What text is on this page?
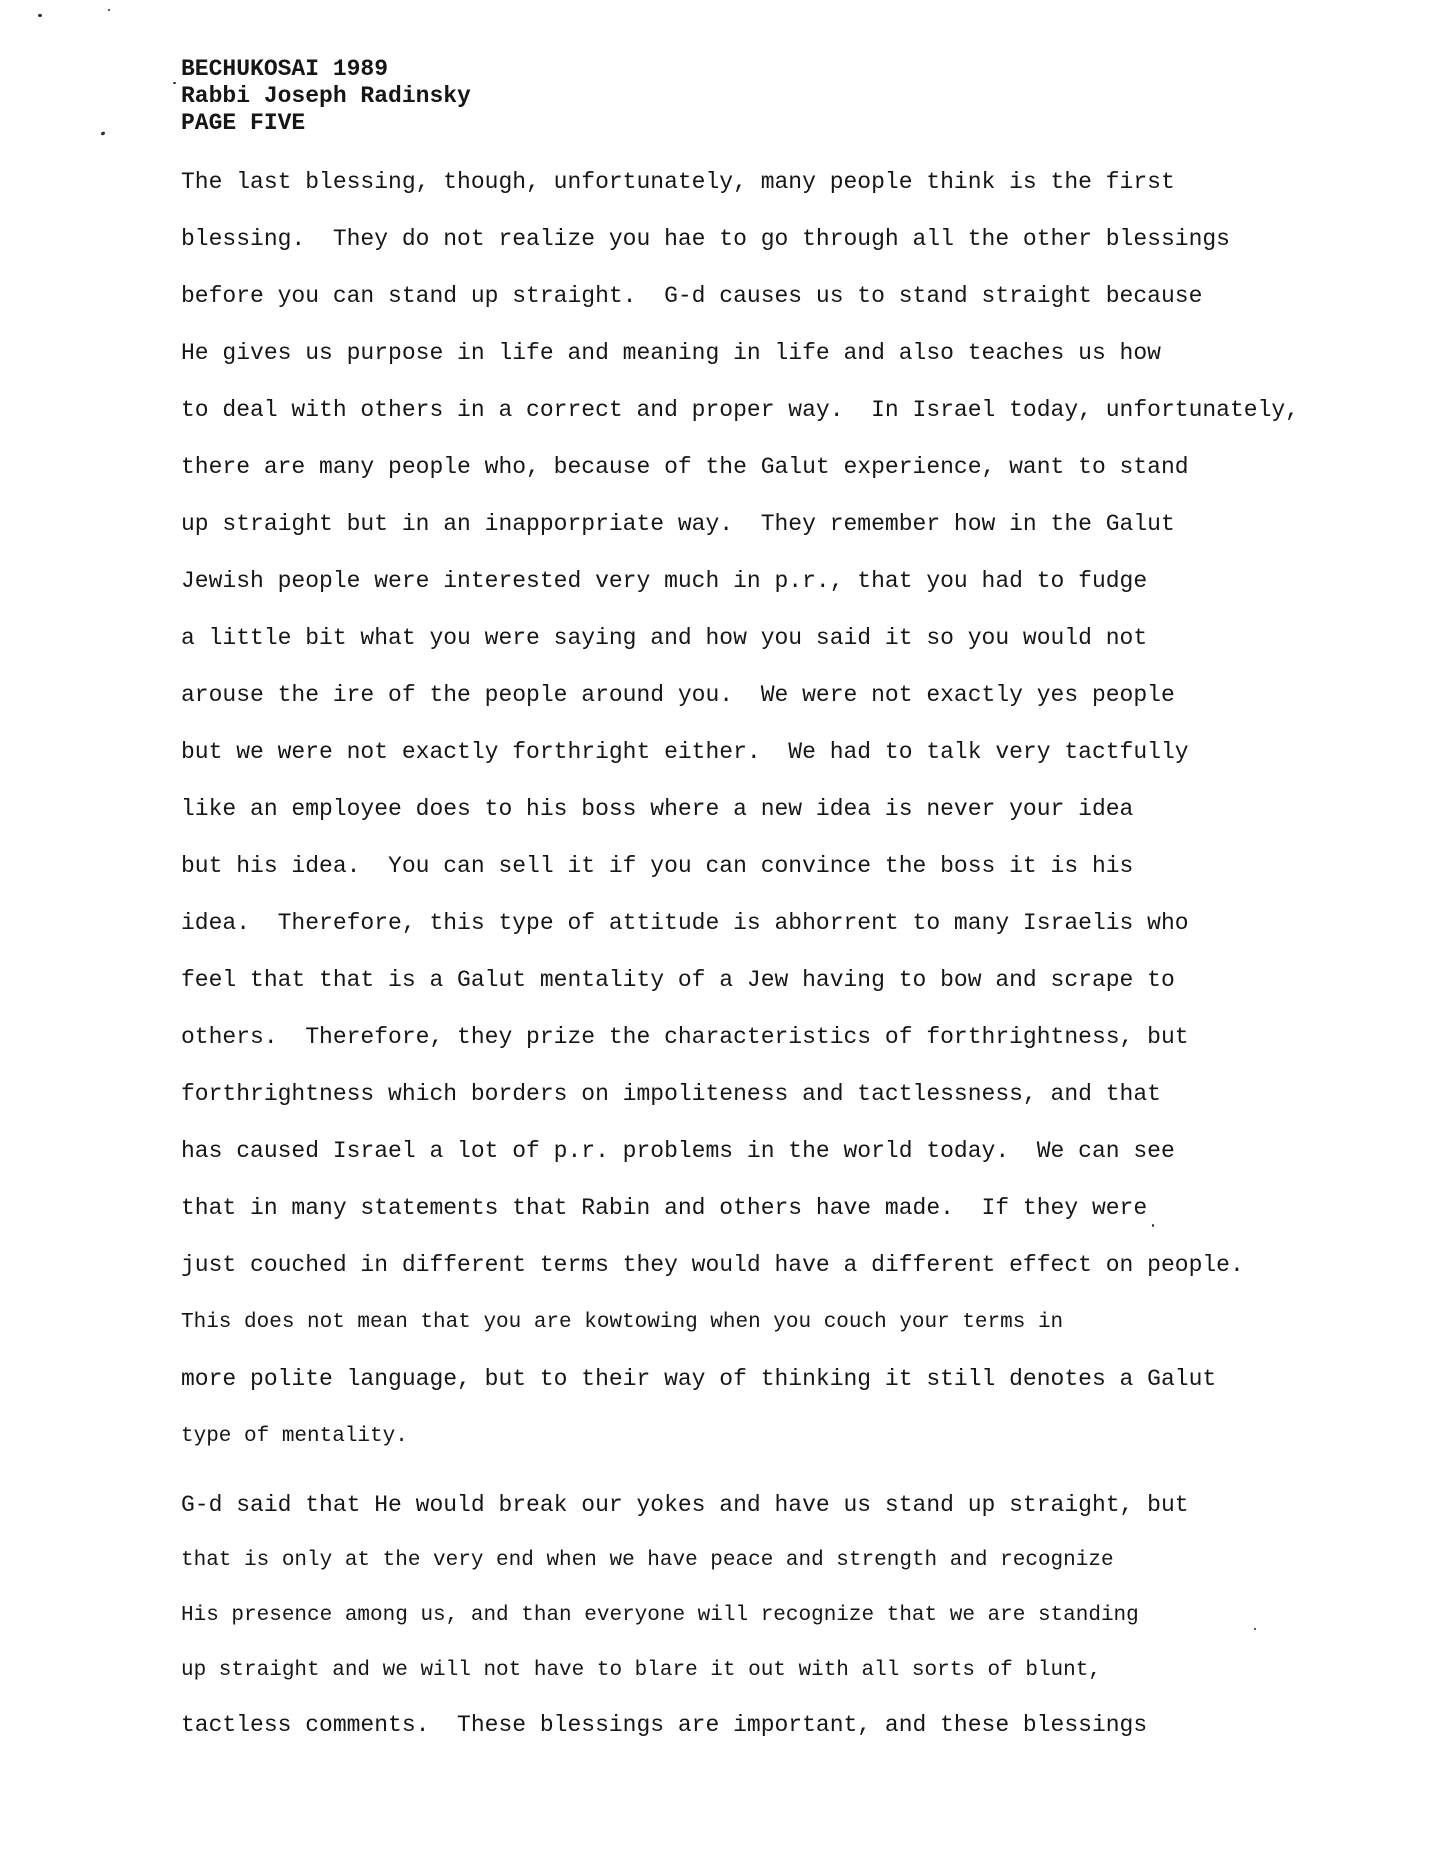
BECHUKOSAI 1989
Rabbi Joseph Radinsky
PAGE FIVE
The last blessing, though, unfortunately, many people think is the first
blessing.  They do not realize you hae to go through all the other blessings
before you can stand up straight.  G-d causes us to stand straight because
He gives us purpose in life and meaning in life and also teaches us how
to deal with others in a correct and proper way.  In Israel today, unfortunately,
there are many people who, because of the Galut experience, want to stand
up straight but in an inapporpriate way.  They remember how in the Galut
Jewish people were interested very much in p.r., that you had to fudge
a little bit what you were saying and how you said it so you would not
arouse the ire of the people around you.  We were not exactly yes people
but we were not exactly forthright either.  We had to talk very tactfully
like an employee does to his boss where a new idea is never your idea
but his idea.  You can sell it if you can convince the boss it is his
idea.  Therefore, this type of attitude is abhorrent to many Israelis who
feel that that is a Galut mentality of a Jew having to bow and scrape to
others.  Therefore, they prize the characteristics of forthrightness, but
forthrightness which borders on impoliteness and tactlessness, and that
has caused Israel a lot of p.r. problems in the world today.  We can see
that in many statements that Rabin and others have made.  If they were
just couched in different terms they would have a different effect on people.
This does not mean that you are kowtowing when you couch your terms in
more polite language, but to their way of thinking it still denotes a Galut
type of mentality.
G-d said that He would break our yokes and have us stand up straight, but
that is only at the very end when we have peace and strength and recognize
His presence among us, and than everyone will recognize that we are standing
up straight and we will not have to blare it out with all sorts of blunt,
tactless comments.  These blessings are important, and these blessings
